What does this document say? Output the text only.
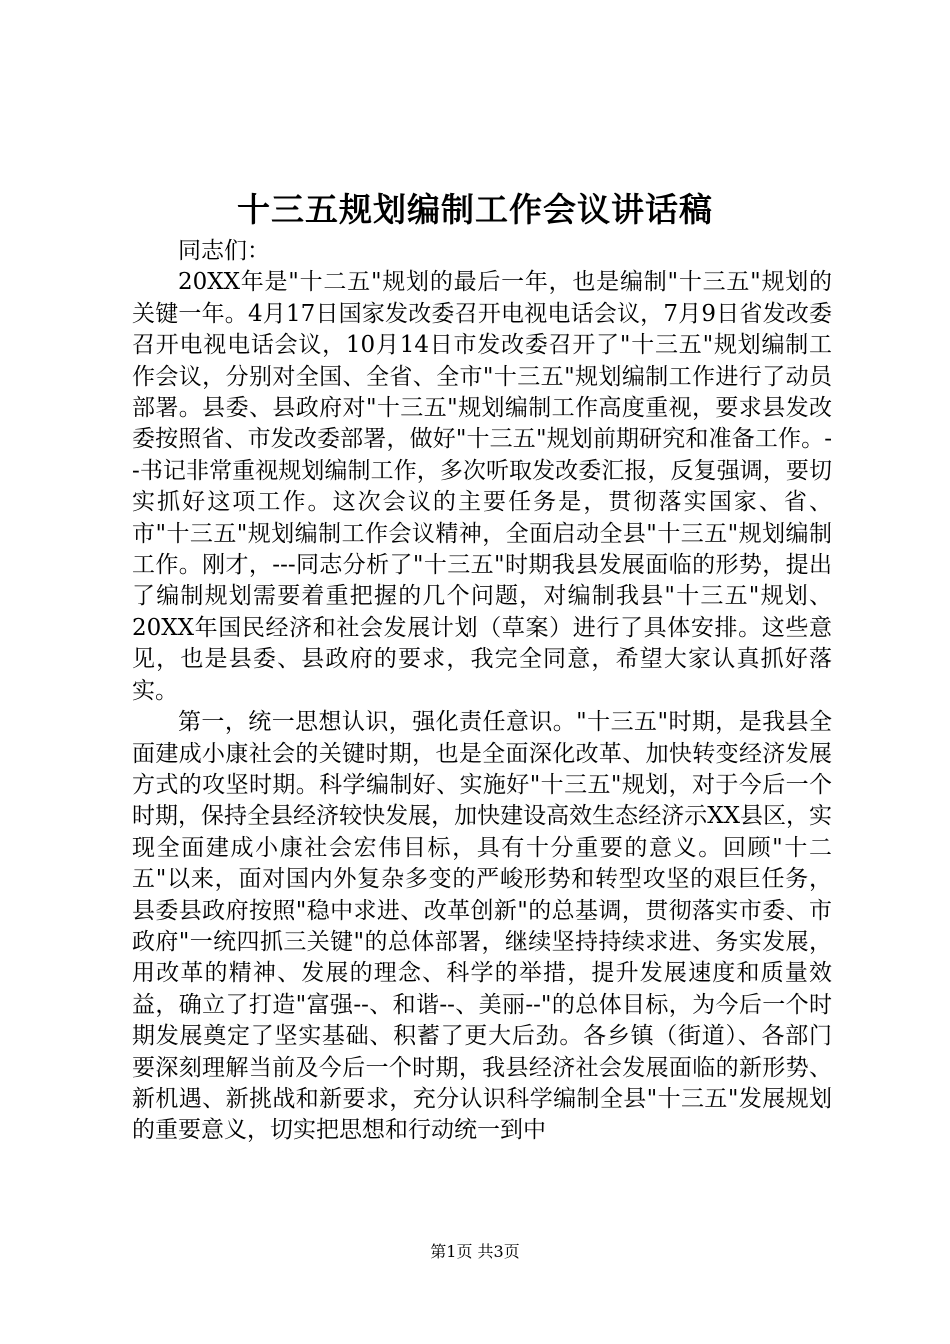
十三五规划编制工作会议讲话稿

同志们：

20XX年是"十二五"规划的最后一年，也是编制"十三五"规划的关键一年。4月17日国家发改委召开电视电话会议，7月9日省发改委召开电视电话会议，10月14日市发改委召开了"十三五"规划编制工作会议，分别对全国、全省、全市"十三五"规划编制工作进行了动员部署。县委、县政府对"十三五"规划编制工作高度重视，要求县发改委按照省、市发改委部署，做好"十三五"规划前期研究和准备工作。--书记非常重视规划编制工作，多次听取发改委汇报，反复强调，要切实抓好这项工作。这次会议的主要任务是，贯彻落实国家、省、市"十三五"规划编制工作会议精神，全面启动全县"十三五"规划编制工作。刚才，---同志分析了"十三五"时期我县发展面临的形势，提出了编制规划需要着重把握的几个问题，对编制我县"十三五"规划、20XX年国民经济和社会发展计划（草案）进行了具体安排。这些意见，也是县委、县政府的要求，我完全同意，希望大家认真抓好落实。

第一，统一思想认识，强化责任意识。"十三五"时期，是我县全面建成小康社会的关键时期，也是全面深化改革、加快转变经济发展方式的攻坚时期。科学编制好、实施好"十三五"规划，对于今后一个时期，保持全县经济较快发展，加快建设高效生态经济示XX县区，实现全面建成小康社会宏伟目标，具有十分重要的意义。回顾"十二五"以来，面对国内外复杂多变的严峻形势和转型攻坚的艰巨任务，县委县政府按照"稳中求进、改革创新"的总基调，贯彻落实市委、市政府"一统四抓三关键"的总体部署，继续坚持持续求进、务实发展，用改革的精神、发展的理念、科学的举措，提升发展速度和质量效益，确立了打造"富强--、和谐--、美丽--"的总体目标，为今后一个时期发展奠定了坚实基础、积蓄了更大后劲。各乡镇（街道）、各部门要深刻理解当前及今后一个时期，我县经济社会发展面临的新形势、新机遇、新挑战和新要求，充分认识科学编制全县"十三五"发展规划的重要意义，切实把思想和行动统一到中

第1页 共3页
